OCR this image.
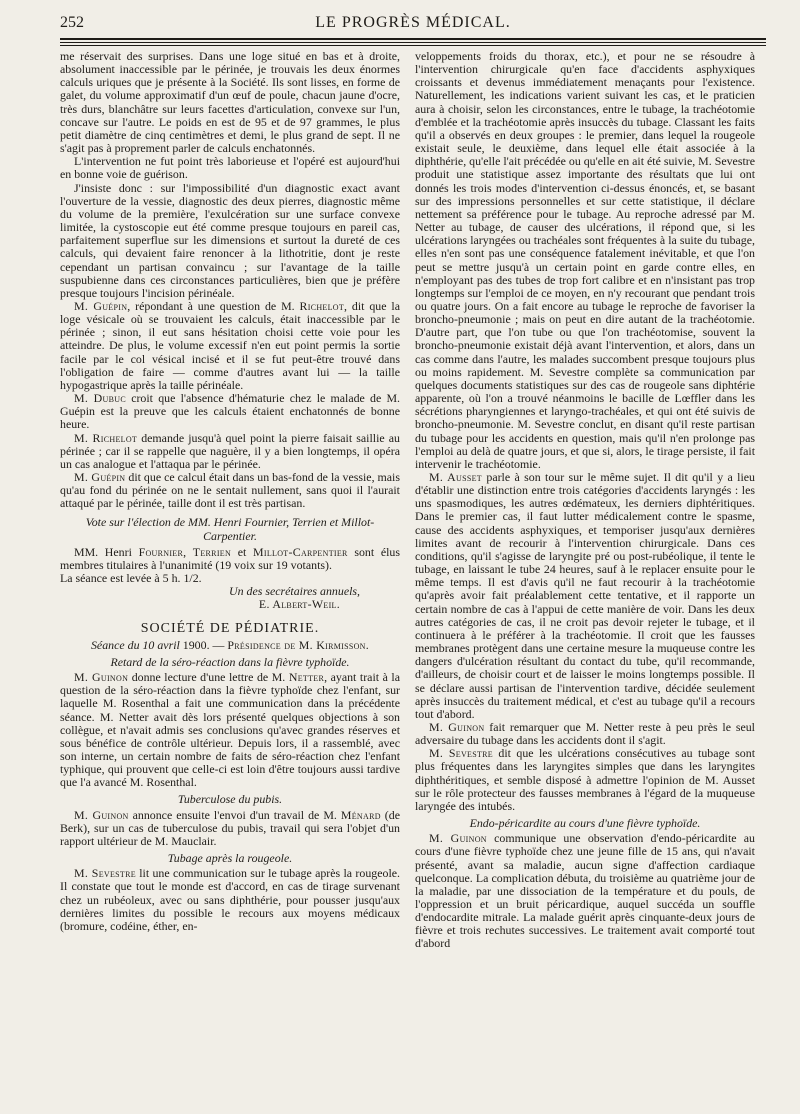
252	LE PROGRÈS MÉDICAL.

me réservait des surprises. Dans une loge situé en bas et à droite, absolument inaccessible par le périnée, je trouvais les deux énormes calculs uriques que je présente à la Société. Ils sont lisses, en forme de galet, du volume approximatif d'un œuf de poule, chacun jaune d'ocre, très durs, blanchâtre sur leurs facettes d'articulation, convexe sur l'un, concave sur l'autre. Le poids en est de 95 et de 97 grammes, le plus petit diamètre de cinq centimètres et demi, le plus grand de sept. Il ne s'agit pas à proprement parler de calculs enchatonnés.

L'intervention ne fut point très laborieuse et l'opéré est aujourd'hui en bonne voie de guérison.

J'insiste donc : sur l'impossibilité d'un diagnostic exact avant l'ouverture de la vessie, diagnostic des deux pierres, diagnostic même du volume de la première, l'exulcération sur une surface convexe limitée, la cystoscopie eut été comme presque toujours en pareil cas, parfaitement superflue sur les dimensions et surtout la dureté de ces calculs, qui devaient faire renoncer à la lithotritie, dont je reste cependant un partisan convaincu ; sur l'avantage de la taille suspubienne dans ces circonstances particulières, bien que je préfère presque toujours l'incision périnéale.

M. Guépin, répondant à une question de M. Richelot, dit que la loge vésicale où se trouvaient les calculs, était inaccessible par le périnée ; sinon, il eut sans hésitation choisi cette voie pour les atteindre. De plus, le volume excessif n'en eut point permis la sortie facile par le col vésical incisé et il se fut peut-être trouvé dans l'obligation de faire — comme d'autres avant lui — la taille hypogastrique après la taille périnéale.

M. Dubuc croit que l'absence d'hématurie chez le malade de M. Guépin est la preuve que les calculs étaient enchatonnés de bonne heure.

M. Richelot demande jusqu'à quel point la pierre faisait saillie au périnée ; car il se rappelle que naguère, il y a bien longtemps, il opéra un cas analogue et l'attaqua par le périnée.

M. Guépin dit que ce calcul était dans un bas-fond de la vessie, mais qu'au fond du périnée on ne le sentait nullement, sans quoi il l'aurait attaqué par le périnée, taille dont il est très partisan.

Vote sur l'élection de MM. Henri Fournier, Terrien et Millot-Carpentier.

MM. Henri Fournier, Terrien et Millot-Carpentier sont élus membres titulaires à l'unanimité (19 voix sur 19 votants).

La séance est levée à 5 h. 1/2.

Un des secrétaires annuels,

E. Albert-Weil.

SOCIÉTÉ DE PÉDIATRIE.

Séance du 10 avril 1900. — Présidence de M. Kirmisson.

Retard de la séro-réaction dans la fièvre typhoïde.

M. Guinon donne lecture d'une lettre de M. Netter, ayant trait à la question de la séro-réaction dans la fièvre typhoïde chez l'enfant, sur laquelle M. Rosenthal a fait une communication dans la précédente séance. M. Netter avait dès lors présenté quelques objections à son collègue, et n'avait admis ses conclusions qu'avec grandes réserves et sous bénéfice de contrôle ultérieur. Depuis lors, il a rassemblé, avec son interne, un certain nombre de faits de séro-réaction chez l'enfant typhique, qui prouvent que celle-ci est loin d'être toujours aussi tardive que l'a avancé M. Rosenthal.

Tuberculose du pubis.

M. Guinon annonce ensuite l'envoi d'un travail de M. Ménard (de Berk), sur un cas de tuberculose du pubis, travail qui sera l'objet d'un rapport ultérieur de M. Mauclair.

Tubage après la rougeole.

M. Sevestre lit une communication sur le tubage après la rougeole. Il constate que tout le monde est d'accord, en cas de tirage survenant chez un rubéoleux, avec ou sans diphthérie, pour pousser jusqu'aux dernières limites du possible le recours aux moyens médicaux (bromure, codéine, éther, en-

veloppements froids du thorax, etc.), et pour ne se résoudre à l'intervention chirurgicale qu'en face d'accidents asphyxiques croissants et devenus immédiatement menaçants pour l'existence. Naturellement, les indications varient suivant les cas, et le praticien aura à choisir, selon les circonstances, entre le tubage, la trachéotomie d'emblée et la trachéotomie après insuccès du tubage. Classant les faits qu'il a observés en deux groupes : le premier, dans lequel la rougeole existait seule, le deuxième, dans lequel elle était associée à la diphthérie, qu'elle l'ait précédée ou qu'elle en ait été suivie, M. Sevestre produit une statistique assez importante des résultats que lui ont donnés les trois modes d'intervention ci-dessus énoncés, et, se basant sur des impressions personnelles et sur cette statistique, il déclare nettement sa préférence pour le tubage. Au reproche adressé par M. Netter au tubage, de causer des ulcérations, il répond que, si les ulcérations laryngées ou trachéales sont fréquentes à la suite du tubage, elles n'en sont pas une conséquence fatalement inévitable, et que l'on peut se mettre jusqu'à un certain point en garde contre elles, en n'employant pas des tubes de trop fort calibre et en n'insistant pas trop longtemps sur l'emploi de ce moyen, en n'y recourant que pendant trois ou quatre jours. On a fait encore au tubage le reproche de favoriser la broncho-pneumonie ; mais on peut en dire autant de la trachéotomie. D'autre part, que l'on tube ou que l'on trachéotomise, souvent la broncho-pneumonie existait déjà avant l'intervention, et alors, dans un cas comme dans l'autre, les malades succombent presque toujours plus ou moins rapidement. M. Sevestre complète sa communication par quelques documents statistiques sur des cas de rougeole sans diphtérie apparente, où l'on a trouvé néanmoins le bacille de Lœffler dans les sécrétions pharyngiennes et laryngo-trachéales, et qui ont été suivis de broncho-pneumonie. M. Sevestre conclut, en disant qu'il reste partisan du tubage pour les accidents en question, mais qu'il n'en prolonge pas l'emploi au delà de quatre jours, et que si, alors, le tirage persiste, il fait intervenir le trachéotomie.

M. Ausset parle à son tour sur le même sujet. Il dit qu'il y a lieu d'établir une distinction entre trois catégories d'accidents laryngés : les uns spasmodiques, les autres œdémateux, les derniers diphtéritiques. Dans le premier cas, il faut lutter médicalement contre le spasme, cause des accidents asphyxiques, et temporiser jusqu'aux dernières limites avant de recourir à l'intervention chirurgicale. Dans ces conditions, qu'il s'agisse de laryngite pré ou post-rubéolique, il tente le tubage, en laissant le tube 24 heures, sauf à le replacer ensuite pour le même temps. Il est d'avis qu'il ne faut recourir à la trachéotomie qu'après avoir fait préalablement cette tentative, et il rapporte un certain nombre de cas à l'appui de cette manière de voir. Dans les deux autres catégories de cas, il ne croit pas devoir rejeter le tubage, et il continuera à le préférer à la trachéotomie. Il croit que les fausses membranes protègent dans une certaine mesure la muqueuse contre les dangers d'ulcération résultant du contact du tube, qu'il recommande, d'ailleurs, de choisir court et de laisser le moins longtemps possible. Il se déclare aussi partisan de l'intervention tardive, décidée seulement après insuccès du traitement médical, et c'est au tubage qu'il a recours tout d'abord.

M. Guinon fait remarquer que M. Netter reste à peu près le seul adversaire du tubage dans les accidents dont il s'agit.

M. Sevestre dit que les ulcérations consécutives au tubage sont plus fréquentes dans les laryngites simples que dans les laryngites diphthéritiques, et semble disposé à admettre l'opinion de M. Ausset sur le rôle protecteur des fausses membranes à l'égard de la muqueuse laryngée des intubés.

Endo-péricardite au cours d'une fièvre typhoïde.

M. Guinon communique une observation d'endo-péricardite au cours d'une fièvre typhoïde chez une jeune fille de 15 ans, qui n'avait présenté, avant sa maladie, aucun signe d'affection cardiaque quelconque. La complication débuta, du troisième au quatrième jour de la maladie, par une dissociation de la température et du pouls, de l'oppression et un bruit péricardique, auquel succéda un souffle d'endocardite mitrale. La malade guérit après cinquante-deux jours de fièvre et trois rechutes successives. Le traitement avait comporté tout d'abord
